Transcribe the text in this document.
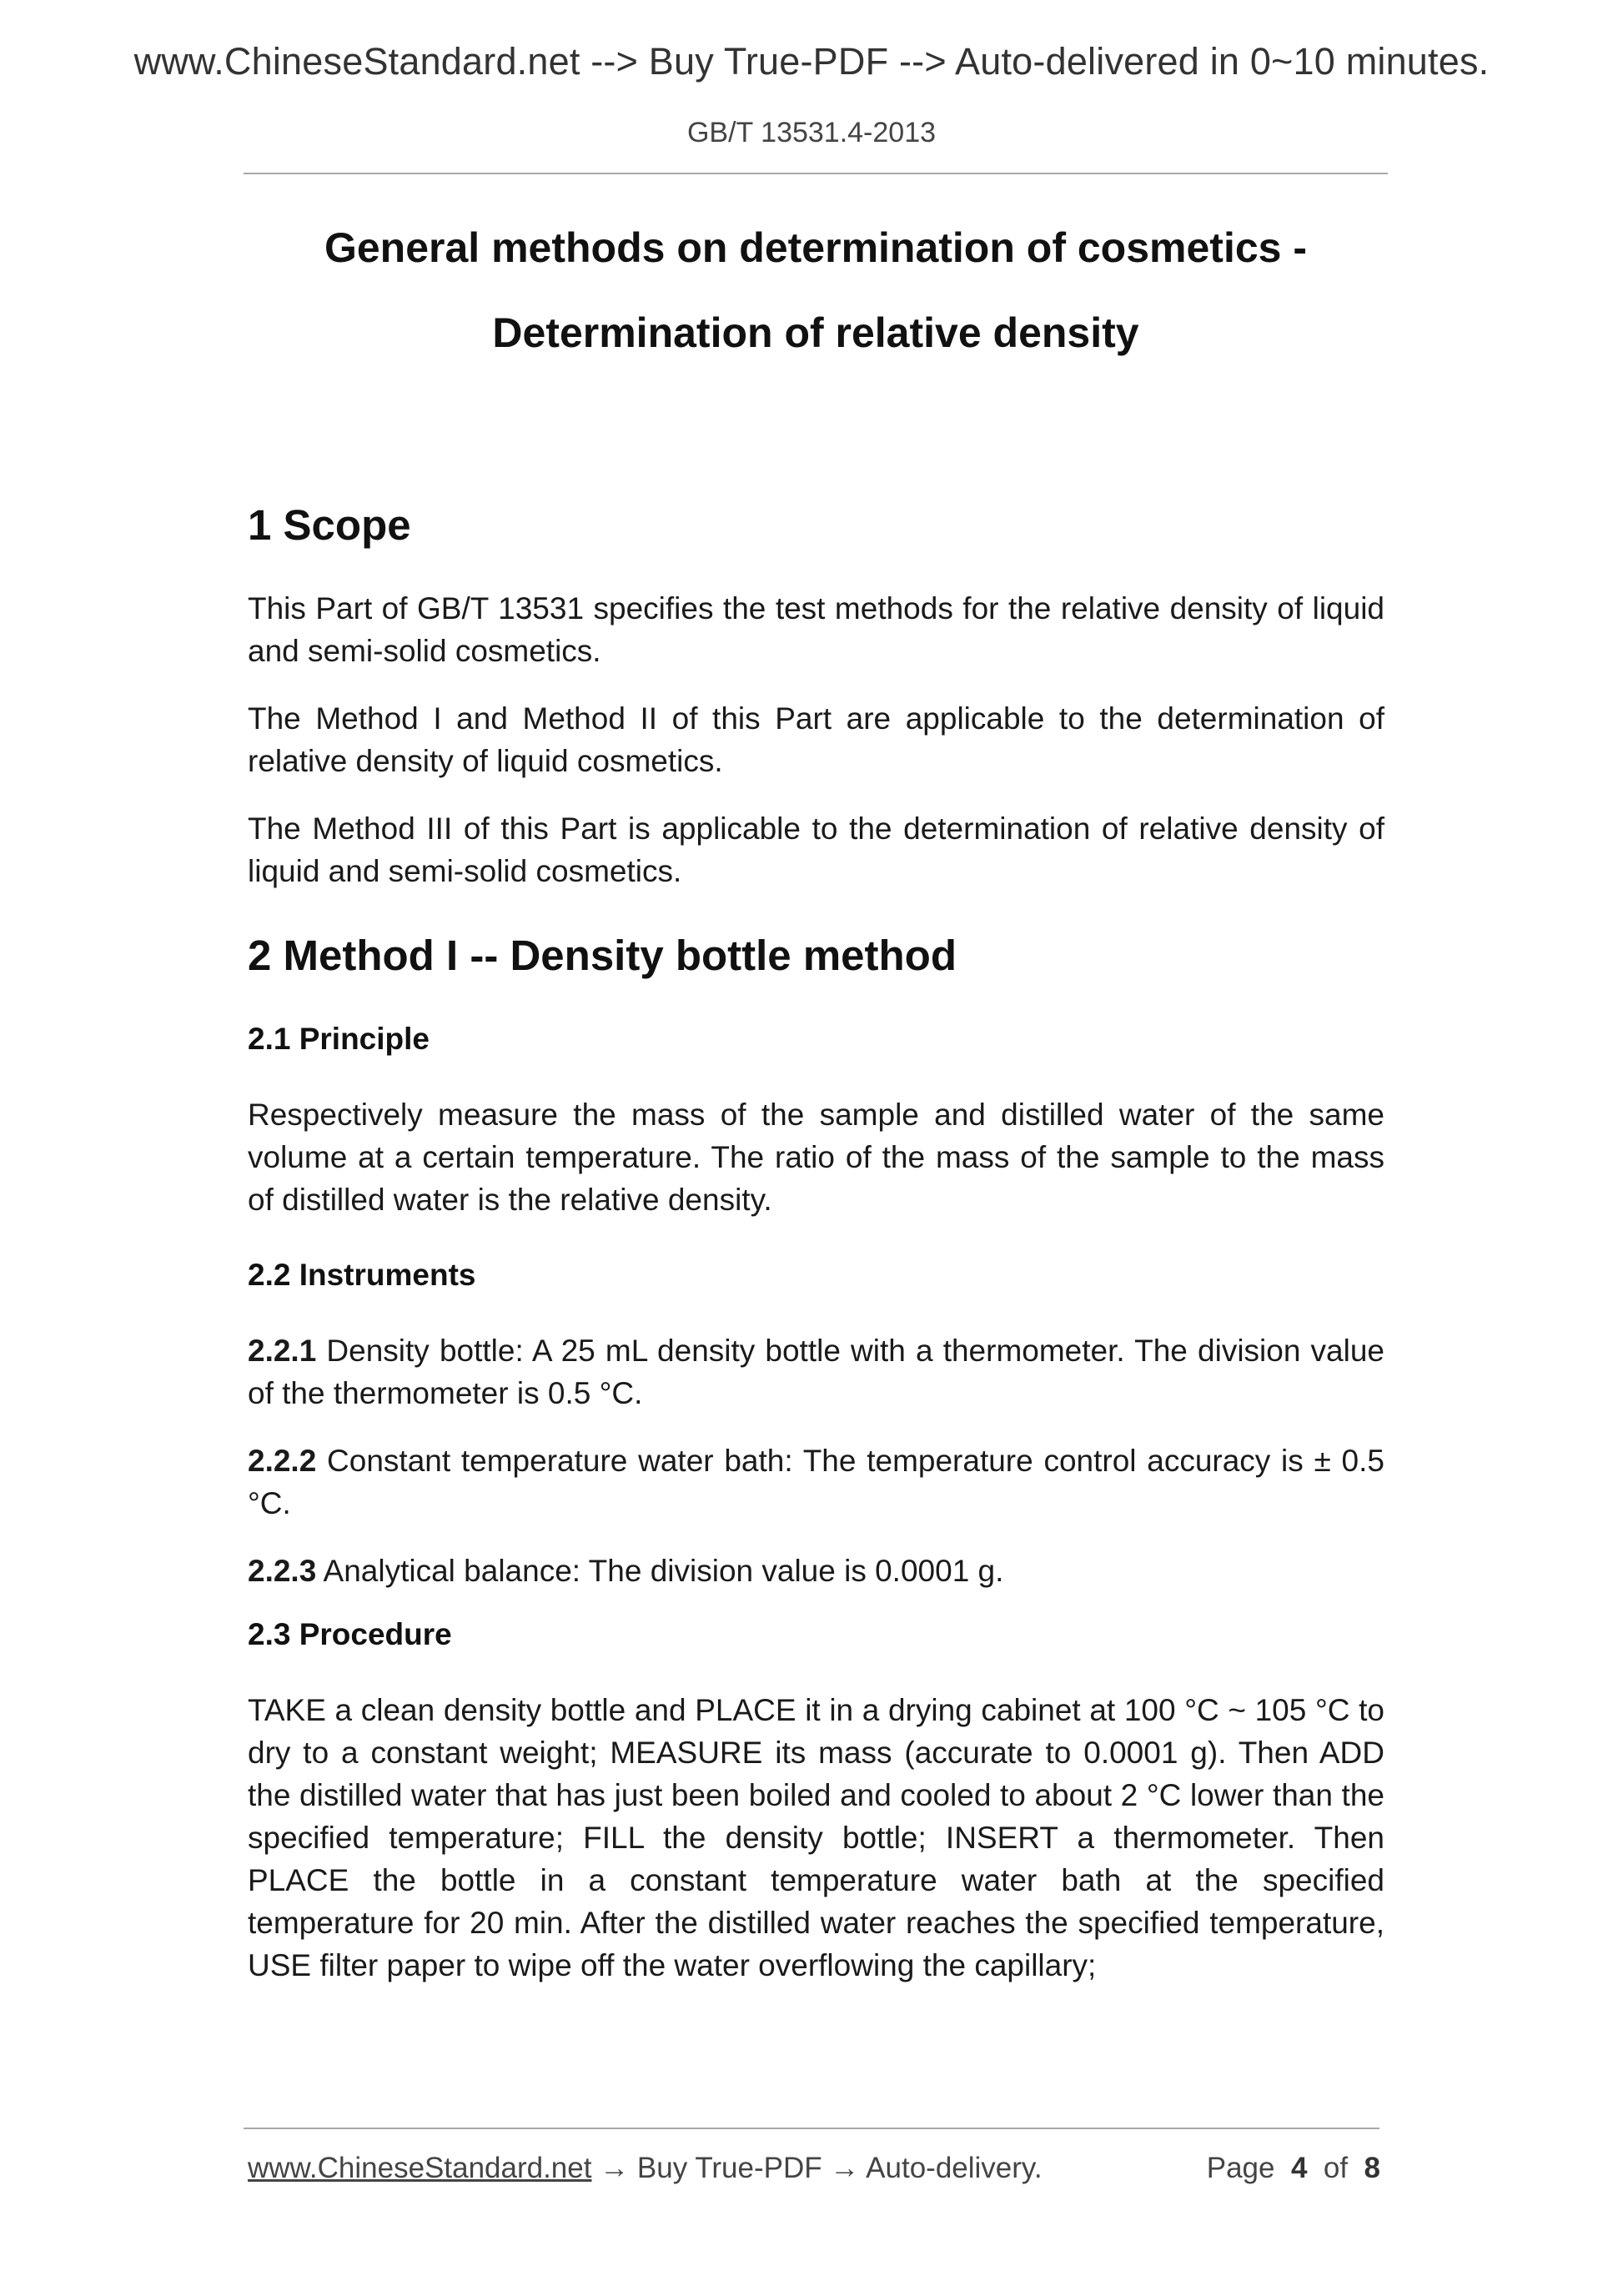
www.ChineseStandard.net --> Buy True-PDF --> Auto-delivered in 0~10 minutes.
GB/T 13531.4-2013
General methods on determination of cosmetics -
Determination of relative density
1 Scope

This Part of GB/T 13531 specifies the test methods for the relative density of liquid and semi-solid cosmetics.

The Method I and Method II of this Part are applicable to the determination of relative density of liquid cosmetics.

The Method III of this Part is applicable to the determination of relative density of liquid and semi-solid cosmetics.

2 Method I -- Density bottle method
2.1 Principle

Respectively measure the mass of the sample and distilled water of the same volume at a certain temperature. The ratio of the mass of the sample to the mass of distilled water is the relative density.

2.2 Instruments

2.2.1 Density bottle: A 25 mL density bottle with a thermometer. The division value of the thermometer is 0.5 °C.

2.2.2 Constant temperature water bath: The temperature control accuracy is ± 0.5 °C.

2.2.3 Analytical balance: The division value is 0.0001 g.

2.3 Procedure

TAKE a clean density bottle and PLACE it in a drying cabinet at 100 °C ~ 105 °C to dry to a constant weight; MEASURE its mass (accurate to 0.0001 g). Then ADD the distilled water that has just been boiled and cooled to about 2 °C lower than the specified temperature; FILL the density bottle; INSERT a thermometer. Then PLACE the bottle in a constant temperature water bath at the specified temperature for 20 min. After the distilled water reaches the specified temperature, USE filter paper to wipe off the water overflowing the capillary;

www.ChineseStandard.net → Buy True-PDF → Auto-delivery.	Page 4 of 8
